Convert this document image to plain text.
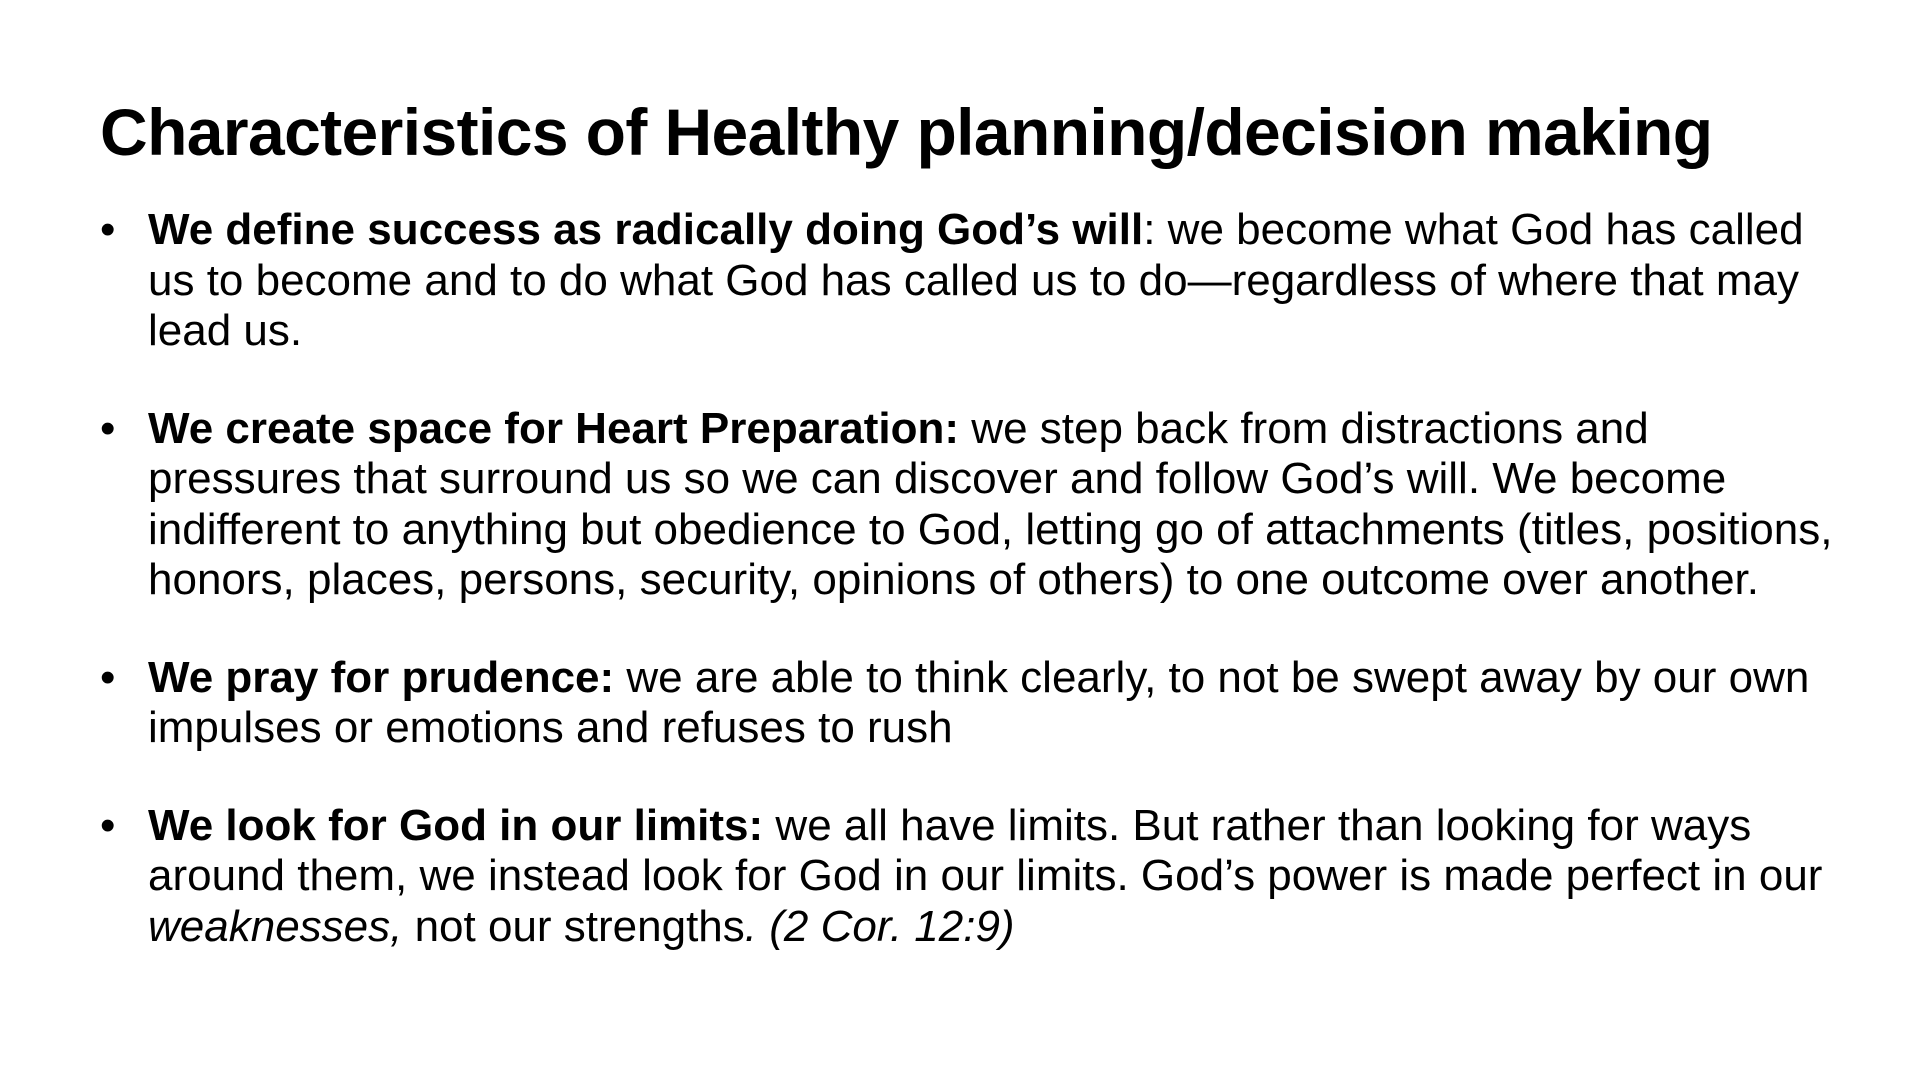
Characteristics of Healthy planning/decision making
• We define success as radically doing God’s will: we become what God has called us to become and to do what God has called us to do—regardless of where that may lead us.
• We create space for Heart Preparation: we step back from distractions and pressures that surround us so we can discover and follow God’s will. We become indifferent to anything but obedience to God, letting go of attachments (titles, positions, honors, places, persons, security, opinions of others) to one outcome over another.
• We pray for prudence: we are able to think clearly, to not be swept away by our own impulses or emotions and refuses to rush
• We look for God in our limits: we all have limits. But rather than looking for ways around them, we instead look for God in our limits. God’s power is made perfect in our weaknesses, not our strengths. (2 Cor. 12:9)
